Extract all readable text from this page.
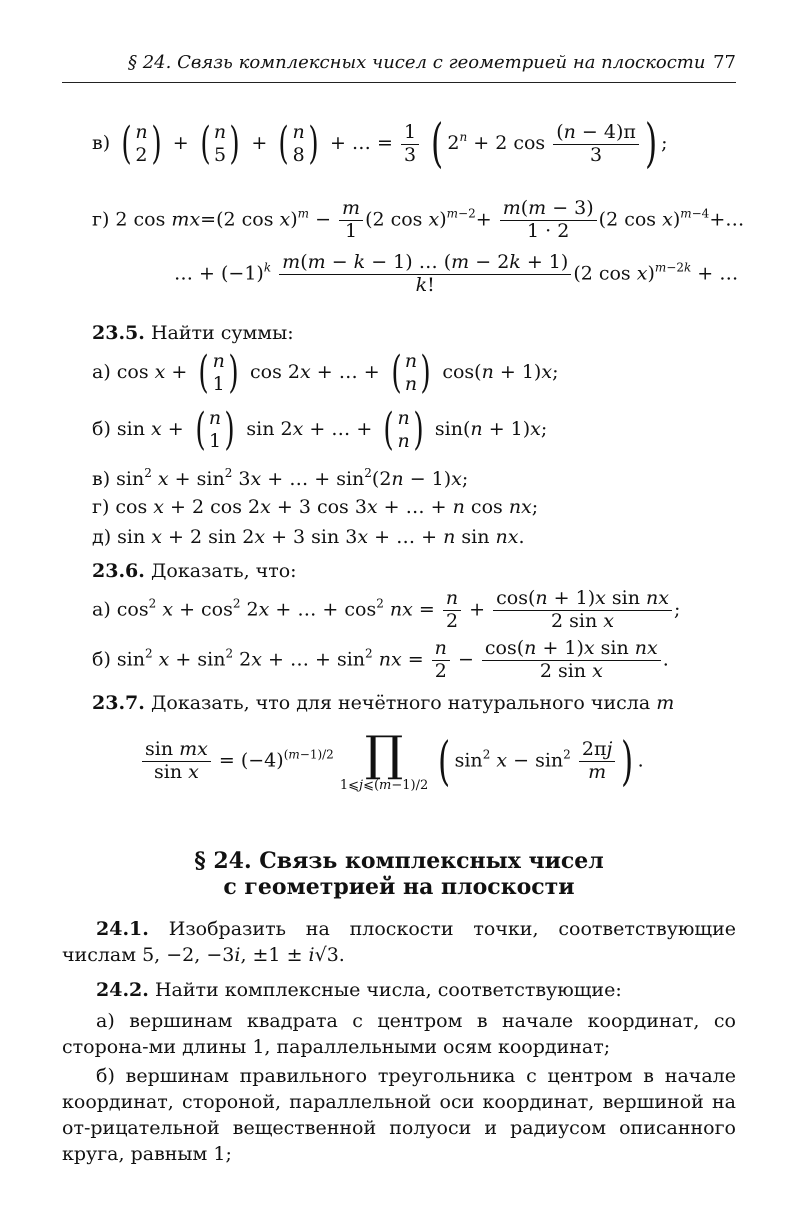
§ 24. Связь комплексных чисел с геометрией на плоскости 77
в) ( n
2 ) + ( n
5 ) + ( n
8 ) + … = $\frac{1}{3}$ ( $2^n + 2$ $\cos \frac{(n - 4)\pi}{3}$ ) ;
г) 2 cos mx=(2 $\cos x)^m - \frac{m}{1} (2$ $\cos x)^{m-2}+ \frac{m(m - 3)}{1 \cdot 2} (2$ cos x)$^{m-4}$+…
… + $(-1)^k \frac{m(m - k - 1) \dots (m - 2k + 1)}{k!} (2$ cos x)$^{m-2k}$ + …
23.5. Найти суммы:
а) cos x + ( n
1 ) cos 2x + … + ( n
n ) cos(n + 1)x;
б) sin x + ( n
1 ) sin 2x + … + ( n
n ) sin(n + 1)x;
в) $\sin^2 x + \sin^2 3x$ + … + $\sin^2(2n - 1)x$;
г) cos x + 2 cos 2x + 3 cos 3x + … + n cos nx;
д) sin x + 2 sin 2x + 3 sin 3x + … + n sin nx.
23.6. Доказать, что:
а) $\cos^2 x + \cos^2 2x$ + … + $\cos^2$ nx = $\frac{n}{2} + \frac{\text{cos(n + 1)x sin nx}}{\text{2 sin x}}$ ;
б) $\sin^2 x + \sin^2 2x$ + … + $\sin^2$ nx = $\frac{n}{2} - \frac{\text{cos(n + 1)x sin nx}}{\text{2 sin x}}$ .
23.7. Доказать, что для нечётного натурального числа m
$\frac{\text{sin mx}}{\text{sin x}} = (-4)^{(m-1)/2}$ ∏
1⩽j⩽(m−1)/2 ( $\sin^2 x - \sin^2 \frac{2\pi j}{m}$ ) .
§ 24. Связь комплексных чисел
с геометрией на плоскости
24.1. Изобразить на плоскости точки, соответствующие числам 5, −2, −3i, ±1 ± i√3.
24.2. Найти комплексные числа, соответствующие:
а) вершинам квадрата с центром в начале координат, со сторона-ми длины 1, параллельными осям координат;
б) вершинам правильного треугольника с центром в начале координат, стороной, параллельной оси координат, вершиной на от-рицательной вещественной полуоси и радиусом описанного круга, равным 1;
